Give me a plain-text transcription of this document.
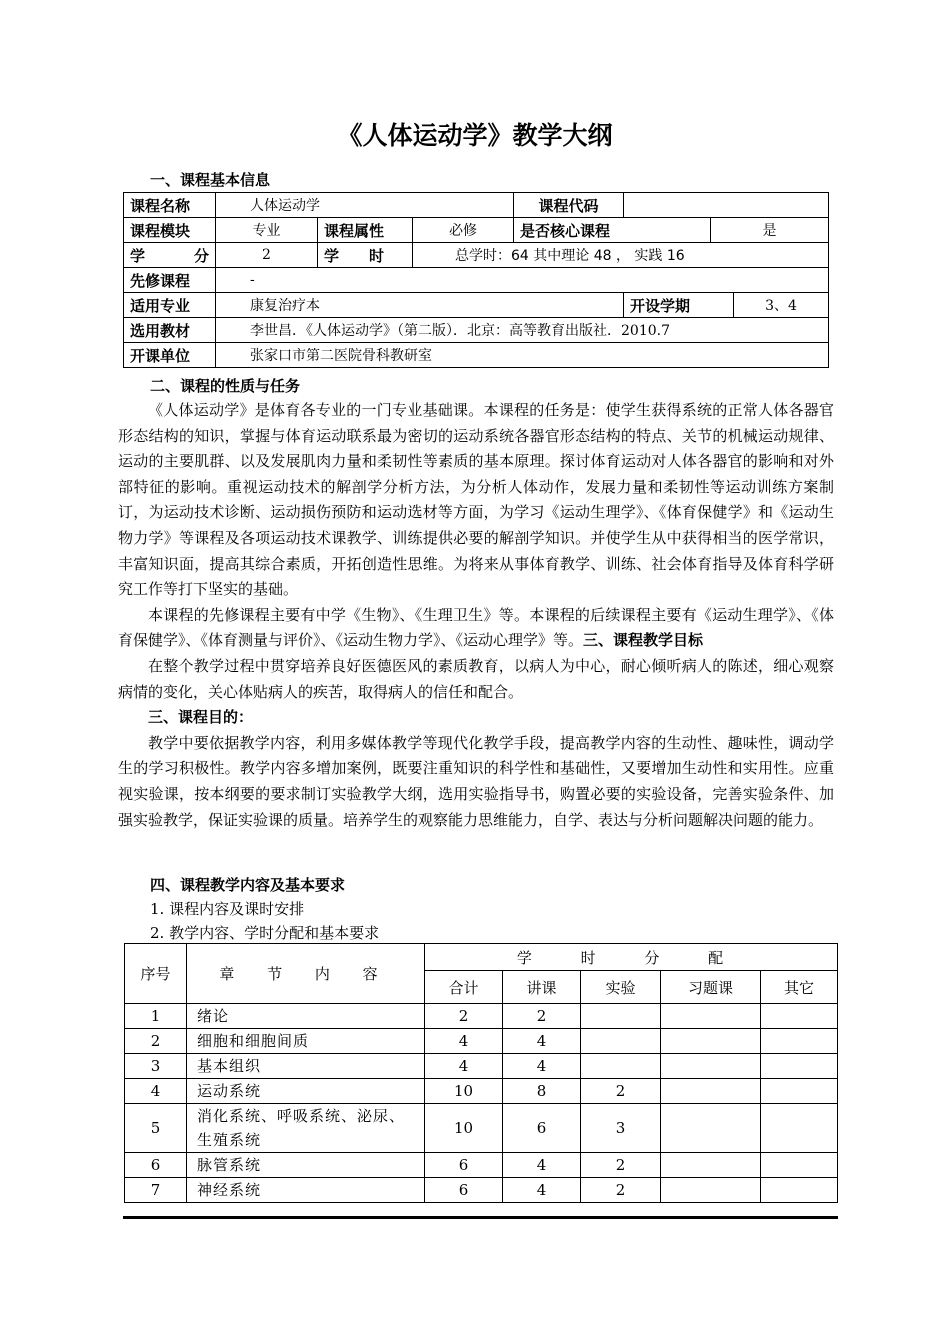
《人体运动学》教学大纲
一、课程基本信息
课程名称	人体运动学			课程代码			
课程模块	专业	课程属性	必修	是否核心课程		是	

学 分	2	学 时	总学时：64 其中理论 48 ， 实践 16				
先修课程	-						
适用专业	康复治疗本				开设学期		3、4
选用教材	李世昌．《人体运动学》（第二版）．北京：高等教育出版社．2010.7						
开课单位	张家口市第二医院骨科教研室						
二、课程的性质与任务

《人体运动学》是体育各专业的一门专业基础课。本课程的任务是：使学生获得系统的正常人体各器官形态结构的知识，掌握与体育运动联系最为密切的运动系统各器官形态结构的特点、关节的机械运动规律、运动的主要肌群、以及发展肌肉力量和柔韧性等素质的基本原理。探讨体育运动对人体各器官的影响和对外部特征的影响。重视运动技术的解剖学分析方法，为分析人体动作，发展力量和柔韧性等运动训练方案制订，为运动技术诊断、运动损伤预防和运动选材等方面，为学习《运动生理学》、《体育保健学》和《运动生物力学》等课程及各项运动技术课教学、训练提供必要的解剖学知识。并使学生从中获得相当的医学常识，丰富知识面，提高其综合素质，开拓创造性思维。为将来从事体育教学、训练、社会体育指导及体育科学研究工作等打下坚实的基础。

本课程的先修课程主要有中学《生物》、《生理卫生》等。本课程的后续课程主要有《运动生理学》、《体育保健学》、《体育测量与评价》、《运动生物力学》、《运动心理学》等。三、课程教学目标

在整个教学过程中贯穿培养良好医德医风的素质教育，以病人为中心，耐心倾听病人的陈述，细心观察病情的变化，关心体贴病人的疾苦，取得病人的信任和配合。

三、课程目的：

教学中要依据教学内容，利用多媒体教学等现代化教学手段，提高教学内容的生动性、趣味性，调动学生的学习积极性。教学内容多增加案例，既要注重知识的科学性和基础性，又要增加生动性和实用性。应重视实验课，按本纲要的要求制订实验教学大纲，选用实验指导书，购置必要的实验设备，完善实验条件、加强实验教学，保证实验课的质量。培养学生的观察能力思维能力，自学、表达与分析问题解决问题的能力。

四、课程教学内容及基本要求
1. 课程内容及课时安排
2. 教学内容、学时分配和基本要求
序号	章 节 内 容	学 时 分 配				
		合计	讲课	实验	习题课	其它
1	绪论	2	2			
2	细胞和细胞间质	4	4			
3	基本组织	4	4			
4	运动系统	10	8	2		
5	消化系统、呼吸系统、泌尿、生殖系统	10	6	3		
6	脉管系统	6	4	2		
7	神经系统	6	4	2		
